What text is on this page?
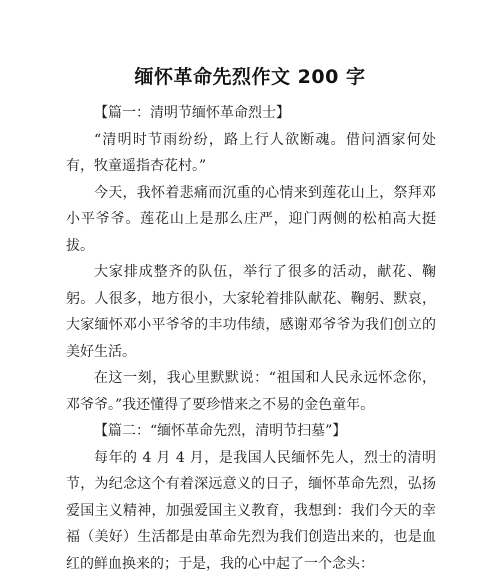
缅怀革命先烈作文 200 字

【篇一：清明节缅怀革命烈士】

“清明时节雨纷纷，路上行人欲断魂。借问酒家何处有，牧童遥指杏花村。”

今天，我怀着悲痛而沉重的心情来到莲花山上，祭拜邓小平爷爷。莲花山上是那么庄严，迎门两侧的松柏高大挺拔。

大家排成整齐的队伍，举行了很多的活动，献花、鞠躬。人很多，地方很小，大家轮着排队献花、鞠躬、默哀，大家缅怀邓小平爷爷的丰功伟绩，感谢邓爷爷为我们创立的美好生活。

在这一刻，我心里默默说：“祖国和人民永远怀念你，邓爷爷。”我还懂得了要珍惜来之不易的金色童年。

【篇二：“缅怀革命先烈，清明节扫墓”】

每年的 4 月 4 月，是我国人民缅怀先人，烈士的清明节，为纪念这个有着深远意义的日子，缅怀革命先烈，弘扬爱国主义精神，加强爱国主义教育，我想到：我们今天的幸福（美好）生活都是由革命先烈为我们创造出来的，也是血红的鲜血换来的；于是，我的心中起了一个念头：
